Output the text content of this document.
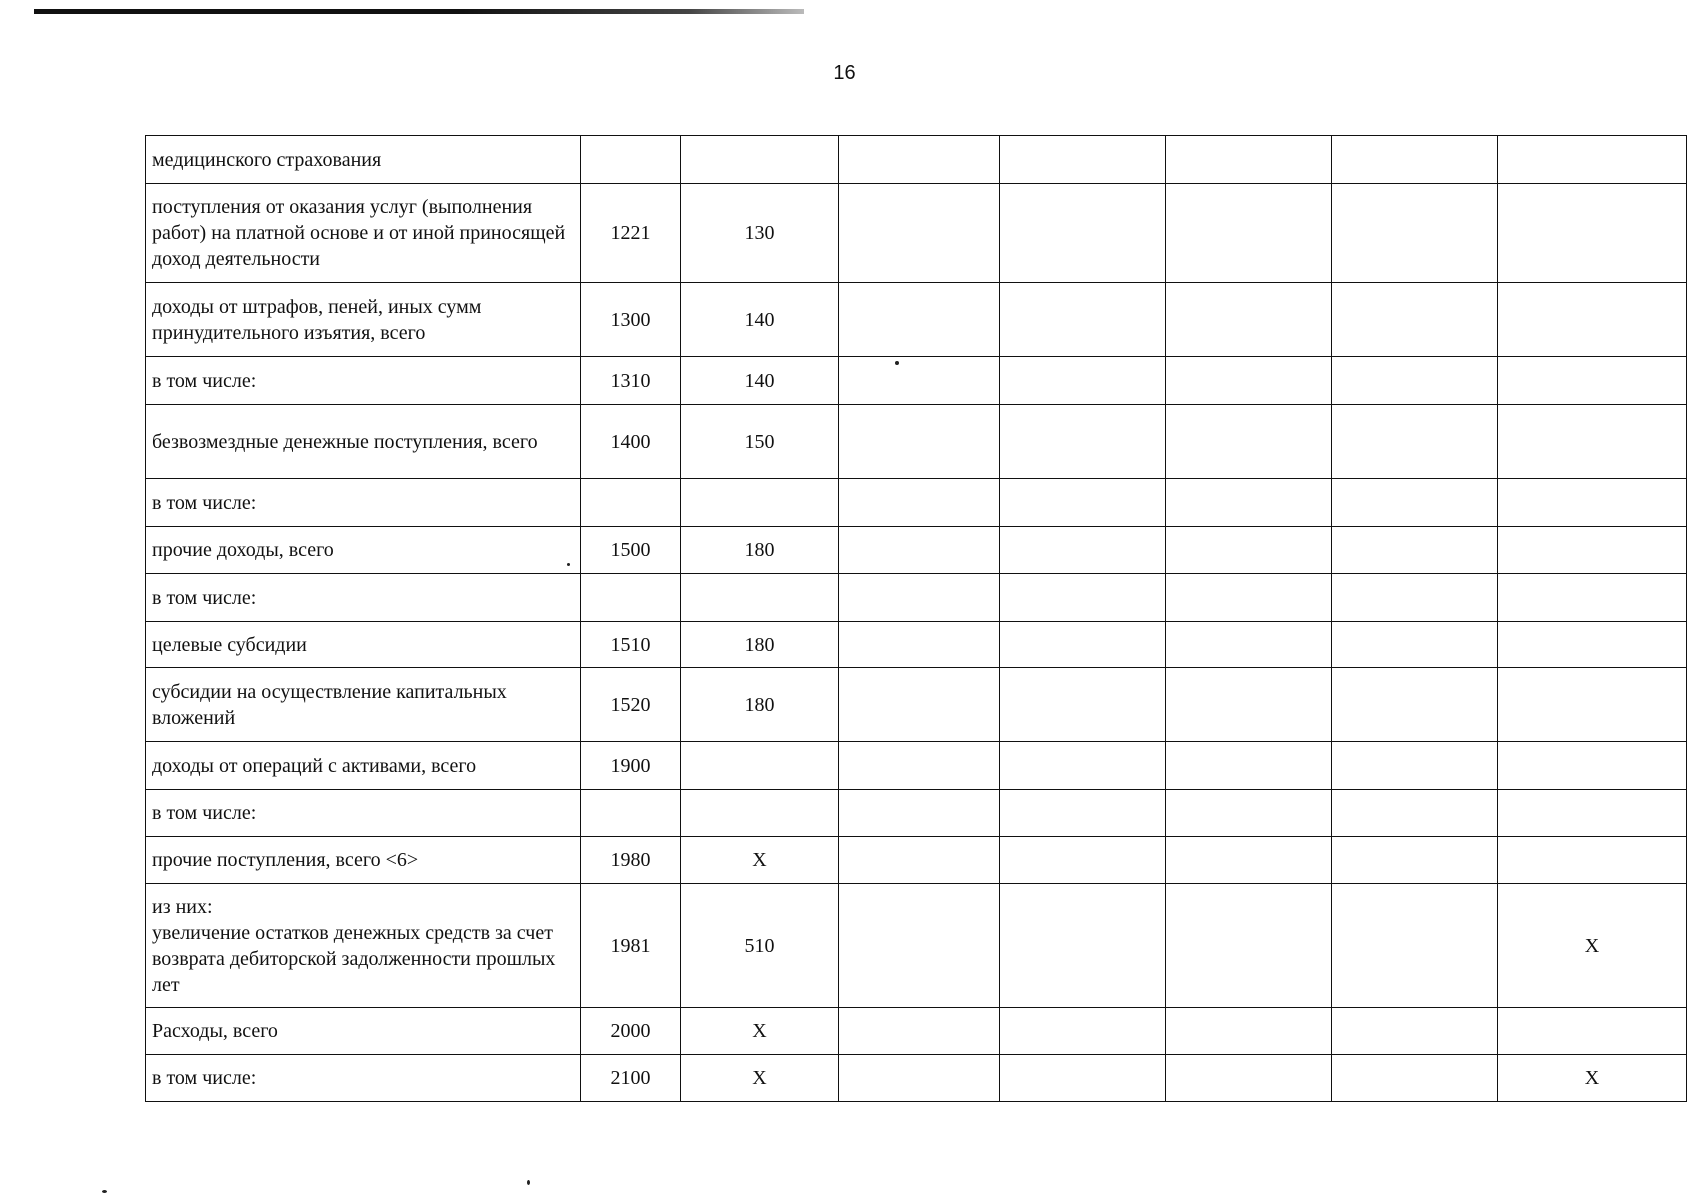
16
медицинского страхования							
поступления от оказания услуг (выполнения работ) на платной основе и от иной приносящей доход деятельности	1221	130					
доходы от штрафов, пеней, иных сумм принудительного изъятия, всего	1300	140					
в том числе:	1310	140					
безвозмездные денежные поступления, всего	1400	150					
в том числе:							
прочие доходы, всего	1500	180					
в том числе:							
целевые субсидии	1510	180					
субсидии на осуществление капитальных вложений	1520	180					
доходы от операций с активами, всего	1900						
в том числе:							
прочие поступления, всего <6>	1980	X					

из них:
увеличение остатков денежных средств за счет возврата дебиторской задолженности прошлых лет	1981	510					X
Расходы, всего	2000	X					
в том числе:	2100	X					X
